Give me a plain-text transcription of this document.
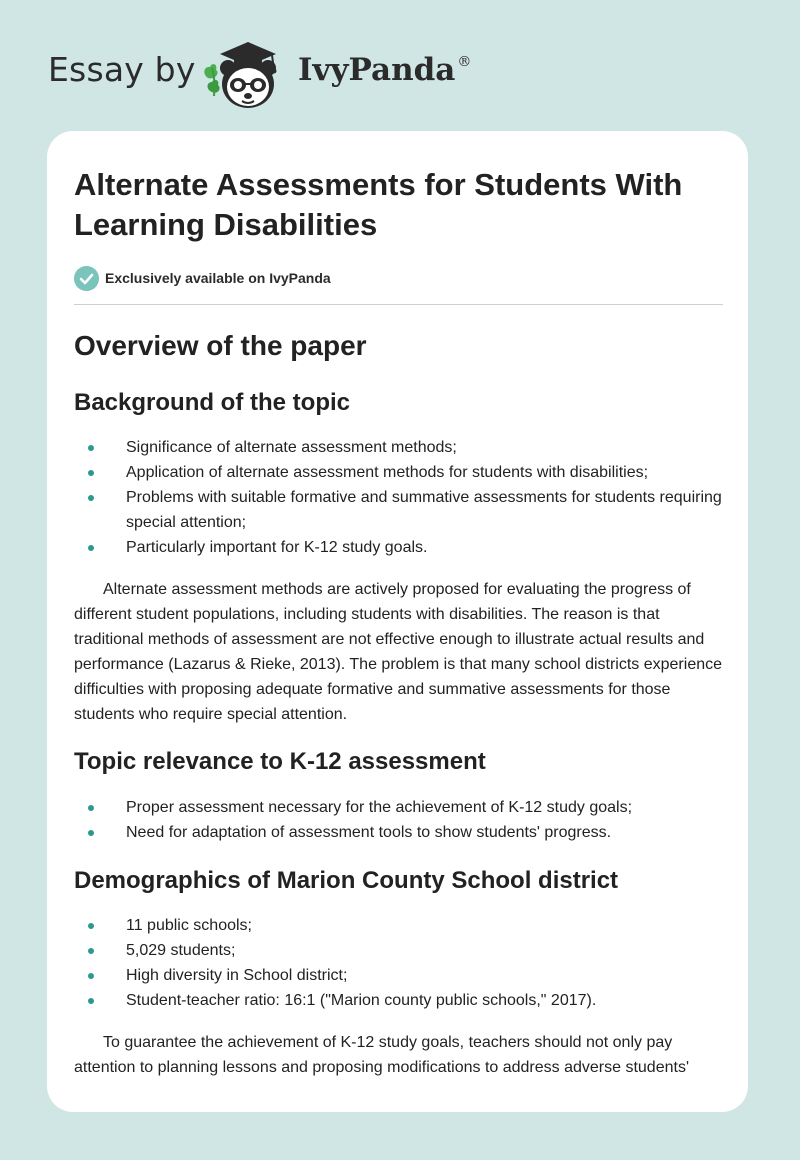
Essay by	IvyPanda ®
Alternate Assessments for Students With Learning Disabilities
Exclusively available on IvyPanda
Overview of the paper
Background of the topic
Significance of alternate assessment methods;
Application of alternate assessment methods for students with disabilities;
Problems with suitable formative and summative assessments for students requiring special attention;
Particularly important for K-12 study goals.

Alternate assessment methods are actively proposed for evaluating the progress of different student populations, including students with disabilities. The reason is that traditional methods of assessment are not effective enough to illustrate actual results and performance (Lazarus & Rieke, 2013). The problem is that many school districts experience difficulties with proposing adequate formative and summative assessments for those students who require special attention.

Topic relevance to K-12 assessment
Proper assessment necessary for the achievement of K-12 study goals;
Need for adaptation of assessment tools to show students' progress.
Demographics of Marion County School district
11 public schools;
5,029 students;
High diversity in School district;
Student-teacher ratio: 16:1 ("Marion county public schools," 2017).

To guarantee the achievement of K-12 study goals, teachers should not only pay attention to planning lessons and proposing modifications to address adverse students'
